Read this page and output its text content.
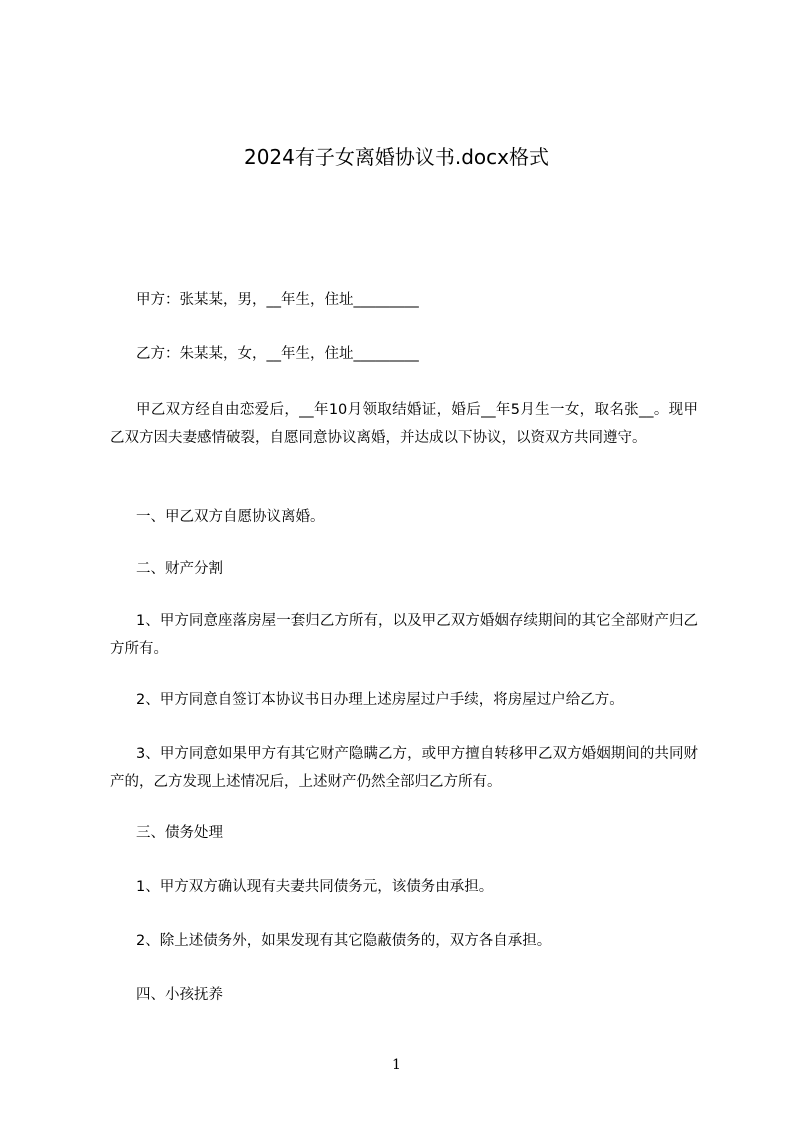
2024有子女离婚协议书.docx格式
甲方：张某某，男，__年生，住址_________
乙方：朱某某，女，__年生，住址_________
甲乙双方经自由恋爱后，__年10月领取结婚证，婚后__年5月生一女，取名张__。现甲乙双方因夫妻感情破裂，自愿同意协议离婚，并达成以下协议，以资双方共同遵守。
一、甲乙双方自愿协议离婚。
二、财产分割
1、甲方同意座落房屋一套归乙方所有，以及甲乙双方婚姻存续期间的其它全部财产归乙方所有。
2、甲方同意自签订本协议书日办理上述房屋过户手续，将房屋过户给乙方。
3、甲方同意如果甲方有其它财产隐瞒乙方，或甲方擅自转移甲乙双方婚姻期间的共同财产的，乙方发现上述情况后，上述财产仍然全部归乙方所有。
三、债务处理
1、甲方双方确认现有夫妻共同债务元，该债务由承担。
2、除上述债务外，如果发现有其它隐蔽债务的，双方各自承担。
四、小孩抚养
1
